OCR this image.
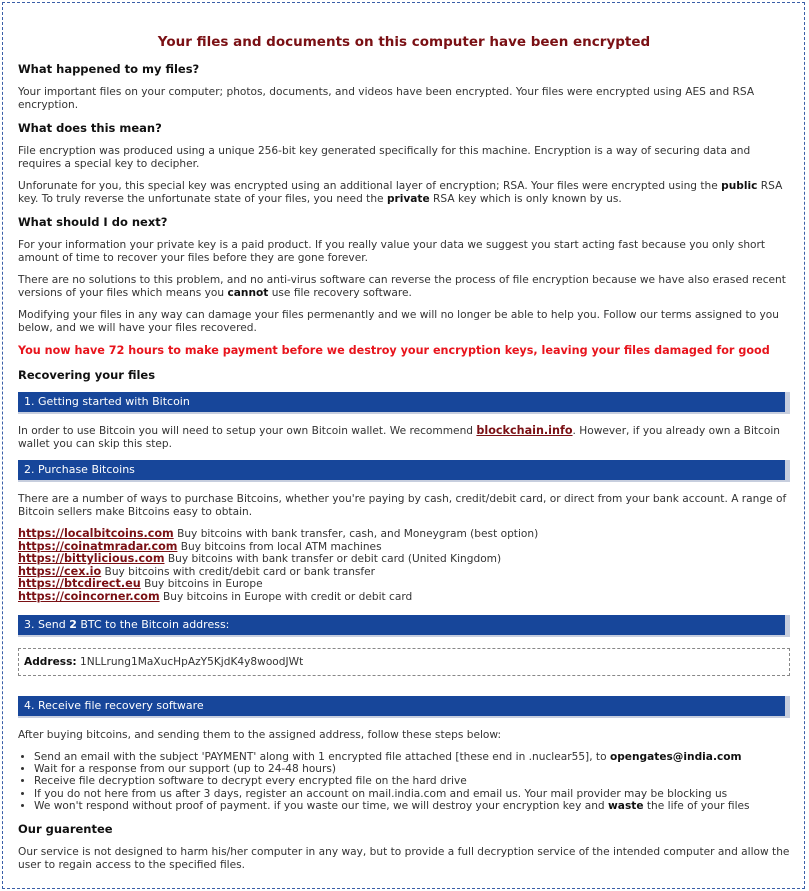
Your files and documents on this computer have been encrypted
What happened to my files?

Your important files on your computer; photos, documents, and videos have been encrypted. Your files were encrypted using AES and RSA encryption.

What does this mean?

File encryption was produced using a unique 256-bit key generated specifically for this machine. Encryption is a way of securing data and requires a special key to decipher.

Unforunate for you, this special key was encrypted using an additional layer of encryption; RSA. Your files were encrypted using the public RSA key. To truly reverse the unfortunate state of your files, you need the private RSA key which is only known by us.

What should I do next?

For your information your private key is a paid product. If you really value your data we suggest you start acting fast because you only short amount of time to recover your files before they are gone forever.

There are no solutions to this problem, and no anti-virus software can reverse the process of file encryption because we have also erased recent versions of your files which means you cannot use file recovery software.

Modifying your files in any way can damage your files permenantly and we will no longer be able to help you. Follow our terms assigned to you below, and we will have your files recovered.

You now have 72 hours to make payment before we destroy your encryption keys, leaving your files damaged for good
Recovering your files
1. Getting started with Bitcoin

In order to use Bitcoin you will need to setup your own Bitcoin wallet. We recommend blockchain.info. However, if you already own a Bitcoin wallet you can skip this step.

2. Purchase Bitcoins

There are a number of ways to purchase Bitcoins, whether you're paying by cash, credit/debit card, or direct from your bank account. A range of Bitcoin sellers make Bitcoins easy to obtain.

https://localbitcoins.com Buy bitcoins with bank transfer, cash, and Moneygram (best option)
https://coinatmradar.com Buy bitcoins from local ATM machines
https://bittylicious.com Buy bitcoins with bank transfer or debit card (United Kingdom)
https://cex.io Buy bitcoins with credit/debit card or bank transfer
https://btcdirect.eu Buy bitcoins in Europe
https://coincorner.com Buy bitcoins in Europe with credit or debit card
3. Send 2 BTC to the Bitcoin address:
Address: 1NLLrung1MaXucHpAzY5KjdK4y8woodJWt
4. Receive file recovery software

After buying bitcoins, and sending them to the assigned address, follow these steps below:

• Send an email with the subject 'PAYMENT' along with 1 encrypted file attached [these end in .nuclear55], to opengates@india.com
• Wait for a response from our support (up to 24-48 hours)
• Receive file decryption software to decrypt every encrypted file on the hard drive
• If you do not here from us after 3 days, register an account on mail.india.com and email us. Your mail provider may be blocking us
• We won't respond without proof of payment. if you waste our time, we will destroy your encryption key and waste the life of your files
Our guarentee

Our service is not designed to harm his/her computer in any way, but to provide a full decryption service of the intended computer and allow the user to regain access to the specified files.
